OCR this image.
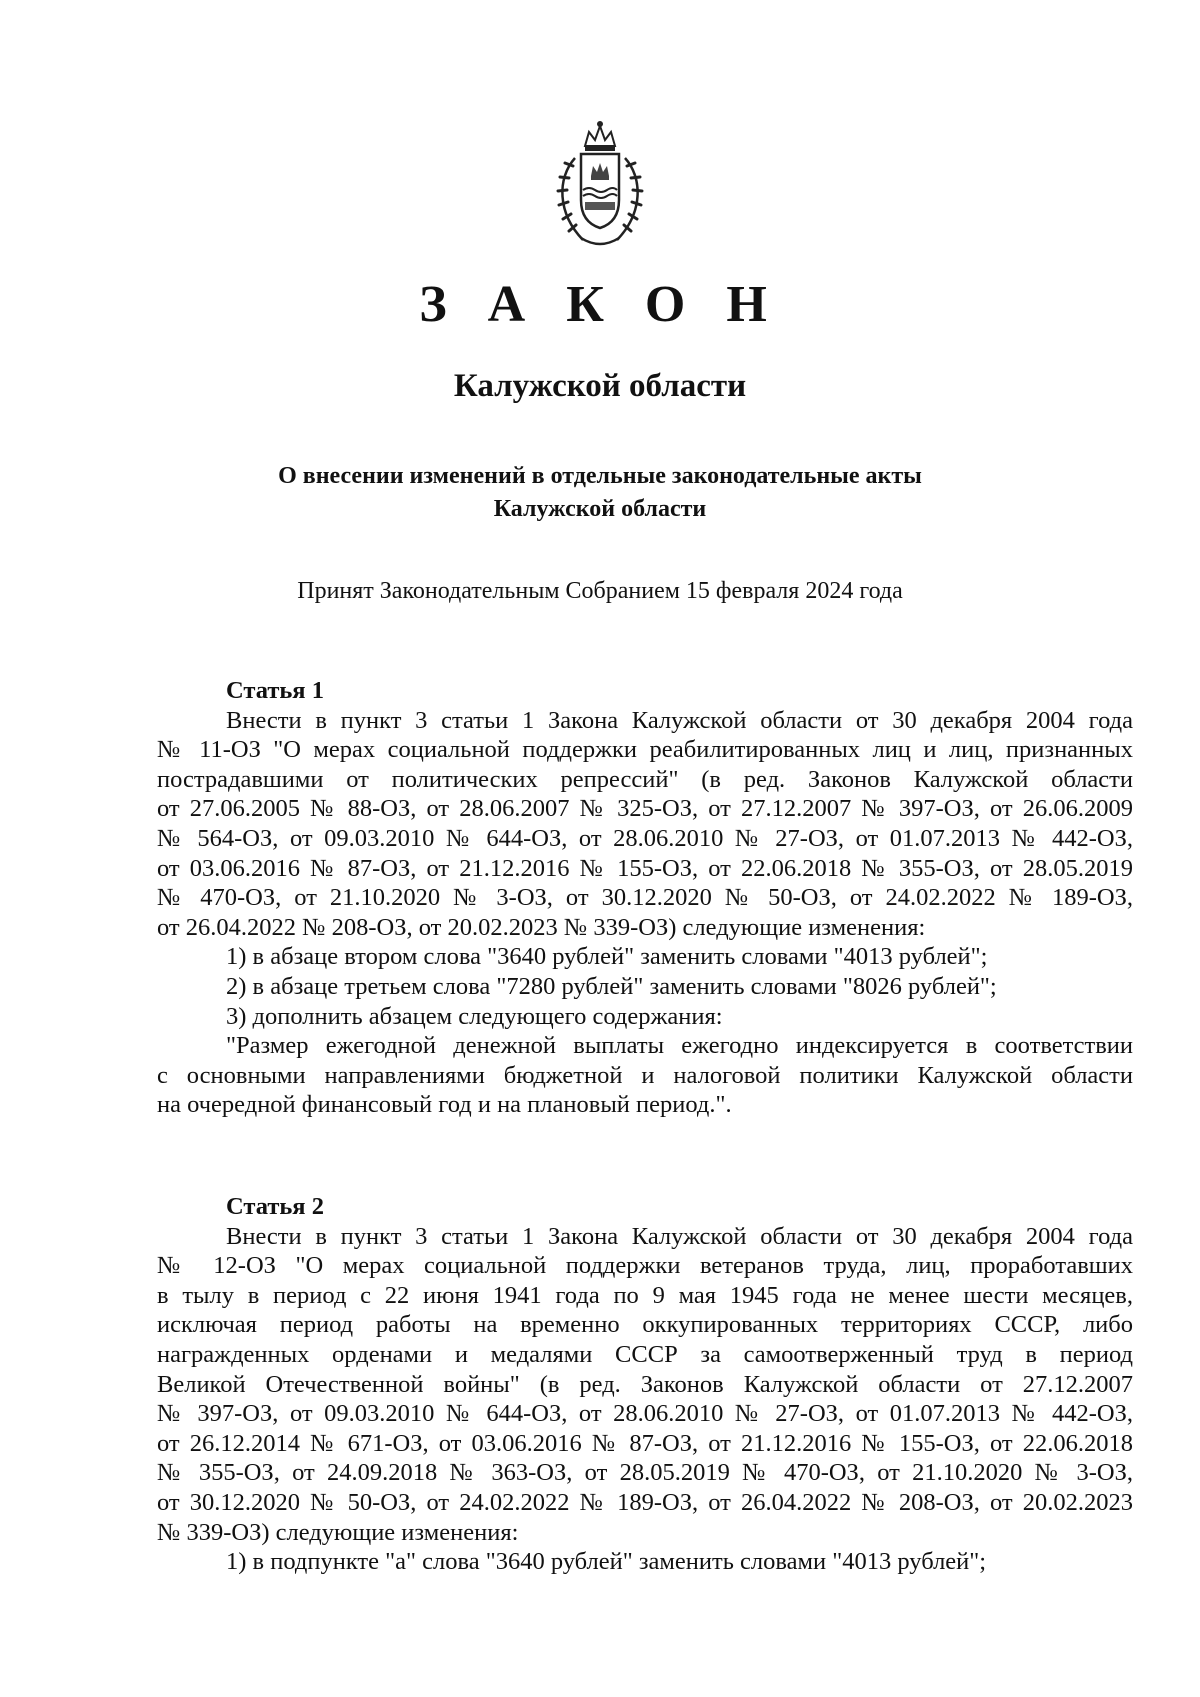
З А К О Н
Калужской области
О внесении изменений в отдельные законодательные акты
Калужской области
Принят Законодательным Собранием 15 февраля 2024 года
Статья 1
Внести в пункт 3 статьи 1 Закона Калужской области от 30 декабря 2004 года
№ 11-ОЗ "О мерах социальной поддержки реабилитированных лиц и лиц, признанных
пострадавшими от политических репрессий" (в ред. Законов Калужской области
от 27.06.2005 № 88-ОЗ, от 28.06.2007 № 325-ОЗ, от 27.12.2007 № 397-ОЗ, от 26.06.2009
№ 564-ОЗ, от 09.03.2010 № 644-ОЗ, от 28.06.2010 № 27-ОЗ, от 01.07.2013 № 442-ОЗ,
от 03.06.2016 № 87-ОЗ, от 21.12.2016 № 155-ОЗ, от 22.06.2018 № 355-ОЗ, от 28.05.2019
№ 470-ОЗ, от 21.10.2020 № 3-ОЗ, от 30.12.2020 № 50-ОЗ, от 24.02.2022 № 189-ОЗ,
от 26.04.2022 № 208-ОЗ, от 20.02.2023 № 339-ОЗ) следующие изменения:
1) в абзаце втором слова "3640 рублей" заменить словами "4013 рублей";
2) в абзаце третьем слова "7280 рублей" заменить словами "8026 рублей";
3) дополнить абзацем следующего содержания:
"Размер ежегодной денежной выплаты ежегодно индексируется в соответствии
с основными направлениями бюджетной и налоговой политики Калужской области
на очередной финансовый год и на плановый период.".
Статья 2
Внести в пункт 3 статьи 1 Закона Калужской области от 30 декабря 2004 года
№ 12-ОЗ "О мерах социальной поддержки ветеранов труда, лиц, проработавших
в тылу в период с 22 июня 1941 года по 9 мая 1945 года не менее шести месяцев,
исключая период работы на временно оккупированных территориях СССР, либо
награжденных орденами и медалями СССР за самоотверженный труд в период
Великой Отечественной войны" (в ред. Законов Калужской области от 27.12.2007
№ 397-ОЗ, от 09.03.2010 № 644-ОЗ, от 28.06.2010 № 27-ОЗ, от 01.07.2013 № 442-ОЗ,
от 26.12.2014 № 671-ОЗ, от 03.06.2016 № 87-ОЗ, от 21.12.2016 № 155-ОЗ, от 22.06.2018
№ 355-ОЗ, от 24.09.2018 № 363-ОЗ, от 28.05.2019 № 470-ОЗ, от 21.10.2020 № 3-ОЗ,
от 30.12.2020 № 50-ОЗ, от 24.02.2022 № 189-ОЗ, от 26.04.2022 № 208-ОЗ, от 20.02.2023
№ 339-ОЗ) следующие изменения:
1) в подпункте "а" слова "3640 рублей" заменить словами "4013 рублей";
